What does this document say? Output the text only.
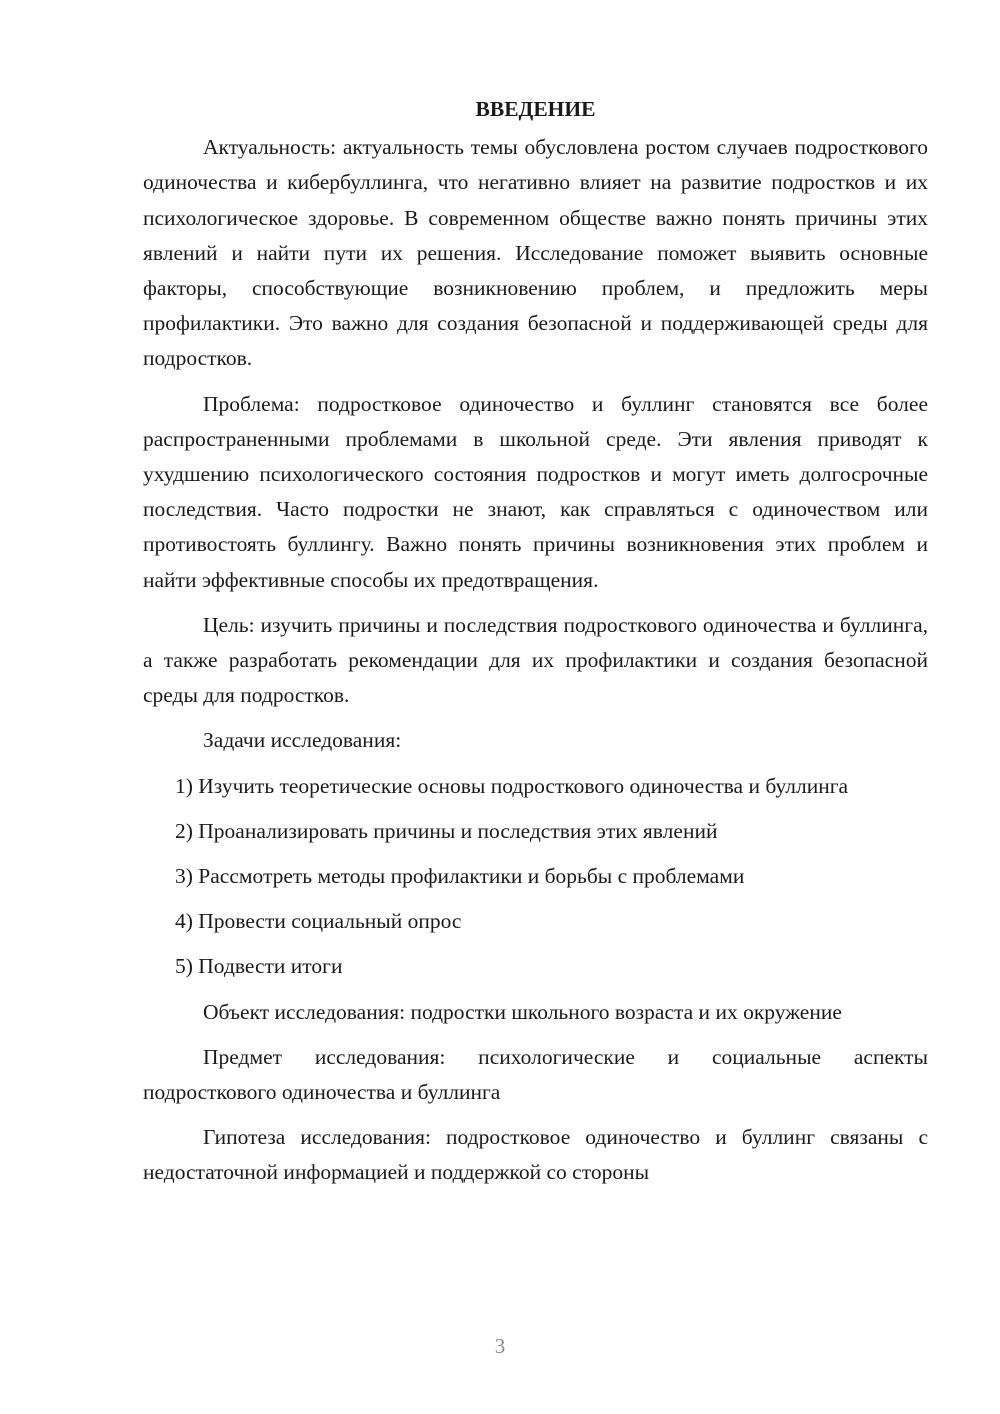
ВВЕДЕНИЕ

Актуальность: актуальность темы обусловлена ростом случаев подросткового одиночества и кибербуллинга, что негативно влияет на развитие подростков и их психологическое здоровье. В современном обществе важно понять причины этих явлений и найти пути их решения. Исследование поможет выявить основные факторы, способствующие возникновению проблем, и предложить меры профилактики. Это важно для создания безопасной и поддерживающей среды для подростков.

Проблема: подростковое одиночество и буллинг становятся все более распространенными проблемами в школьной среде. Эти явления приводят к ухудшению психологического состояния подростков и могут иметь долгосрочные последствия. Часто подростки не знают, как справляться с одиночеством или противостоять буллингу. Важно понять причины возникновения этих проблем и найти эффективные способы их предотвращения.

Цель: изучить причины и последствия подросткового одиночества и буллинга, а также разработать рекомендации для их профилактики и создания безопасной среды для подростков.

Задачи исследования:

1) Изучить теоретические основы подросткового одиночества и буллинга

2) Проанализировать причины и последствия этих явлений

3) Рассмотреть методы профилактики и борьбы с проблемами

4) Провести социальный опрос

5) Подвести итоги

Объект исследования: подростки школьного возраста и их окружение

Предмет исследования: психологические и социальные аспекты подросткового одиночества и буллинга

Гипотеза исследования: подростковое одиночество и буллинг связаны с недостаточной информацией и поддержкой со стороны

3
